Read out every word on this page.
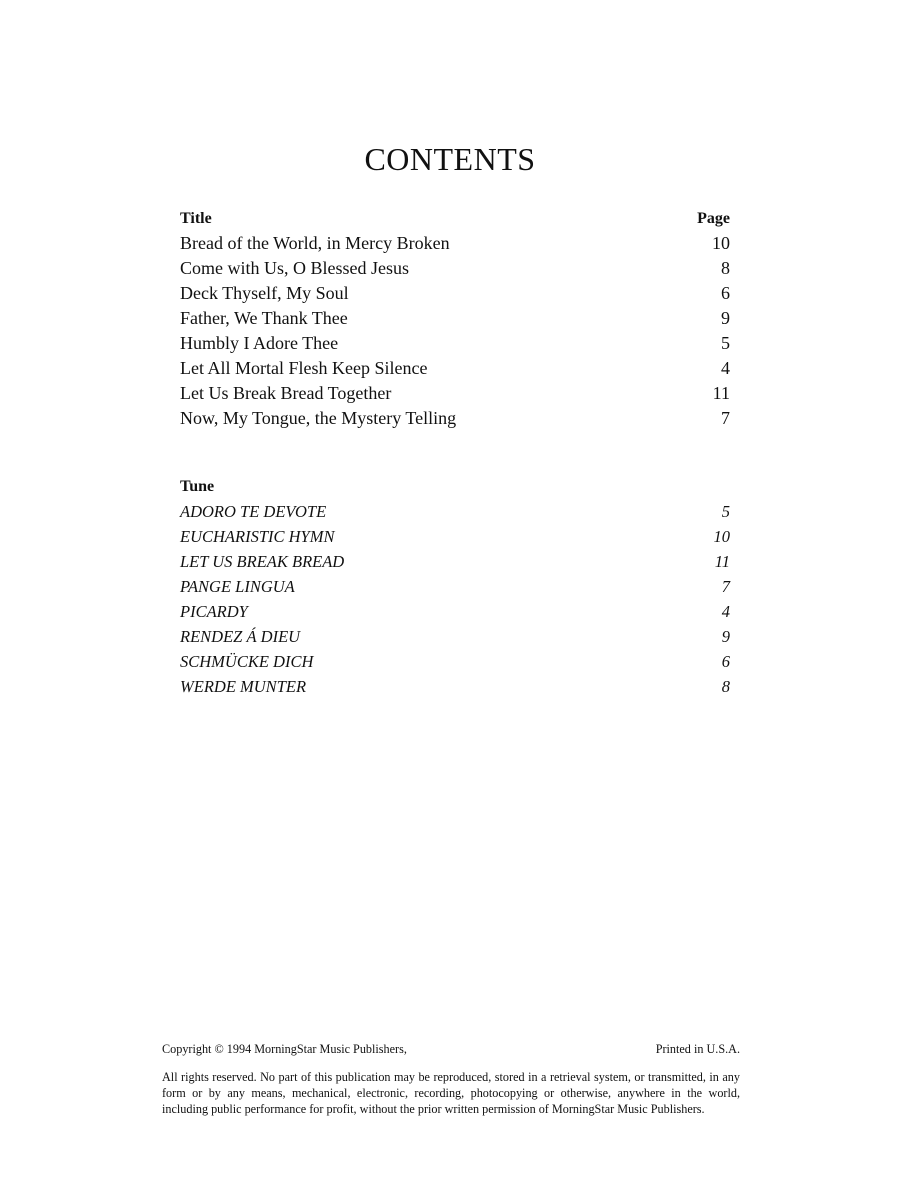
CONTENTS
Title	Page
Bread of the World, in Mercy Broken	10
Come with Us, O Blessed Jesus	8
Deck Thyself, My Soul	6
Father, We Thank Thee	9
Humbly I Adore Thee	5
Let All Mortal Flesh Keep Silence	4
Let Us Break Bread Together	11
Now, My Tongue, the Mystery Telling	7
Tune
ADORO TE DEVOTE	5
EUCHARISTIC HYMN	10
LET US BREAK BREAD	11
PANGE LINGUA	7
PICARDY	4
RENDEZ Á DIEU	9
SCHMÜCKE DICH	6
WERDE MUNTER	8
Copyright © 1994 MorningStar Music Publishers,	Printed in U.S.A.
All rights reserved. No part of this publication may be reproduced, stored in a retrieval system, or transmitted, in any form or by any means, mechanical, electronic, recording, photocopying or otherwise, anywhere in the world, including public performance for profit, without the prior written permission of MorningStar Music Publishers.
